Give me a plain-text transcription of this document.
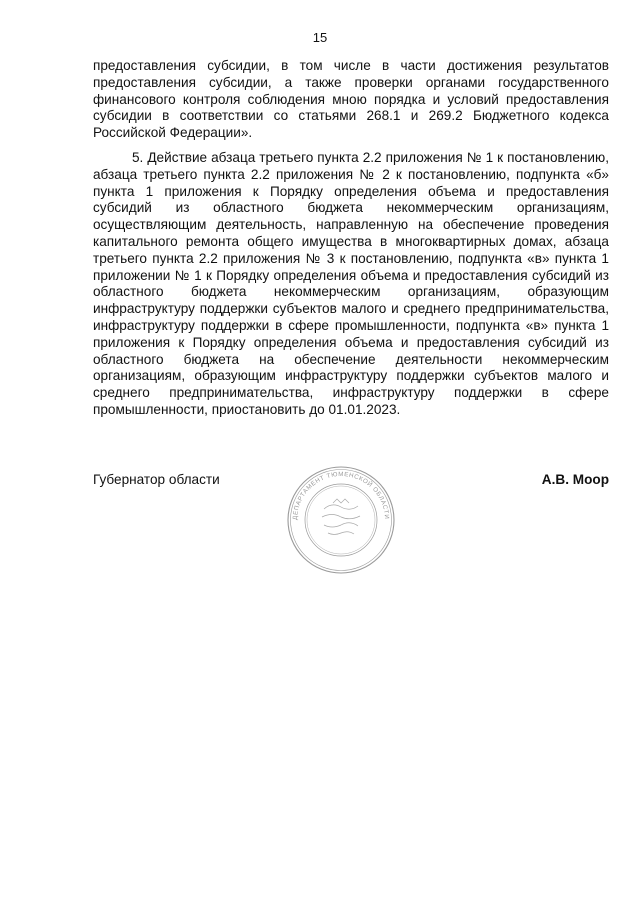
15

предоставления субсидии, в том числе в части достижения результатов предоставления субсидии, а также проверки органами государственного финансового контроля соблюдения мною порядка и условий предоставления субсидии в соответствии со статьями 268.1 и 269.2 Бюджетного кодекса Российской Федерации».

5. Действие абзаца третьего пункта 2.2 приложения № 1 к постановлению, абзаца третьего пункта 2.2 приложения № 2 к постановлению, подпункта «б» пункта 1 приложения к Порядку определения объема и предоставления субсидий из областного бюджета некоммерческим организациям, осуществляющим деятельность, направленную на обеспечение проведения капитального ремонта общего имущества в многоквартирных домах, абзаца третьего пункта 2.2 приложения № 3 к постановлению, подпункта «в» пункта 1 приложении № 1 к Порядку определения объема и предоставления субсидий из областного бюджета некоммерческим организациям, образующим инфраструктуру поддержки субъектов малого и среднего предпринимательства, инфраструктуру поддержки в сфере промышленности, подпункта «в» пункта 1 приложения к Порядку определения объема и предоставления субсидий из областного бюджета на обеспечение деятельности некоммерческим организациям, образующим инфраструктуру поддержки субъектов малого и среднего предпринимательства, инфраструктуру поддержки в сфере промышленности, приостановить до 01.01.2023.

Губернатор области
ДЕПАРТАМЕНТ ТЮМЕНСКОЙ ОБЛАСТИ
А.В. Моор
